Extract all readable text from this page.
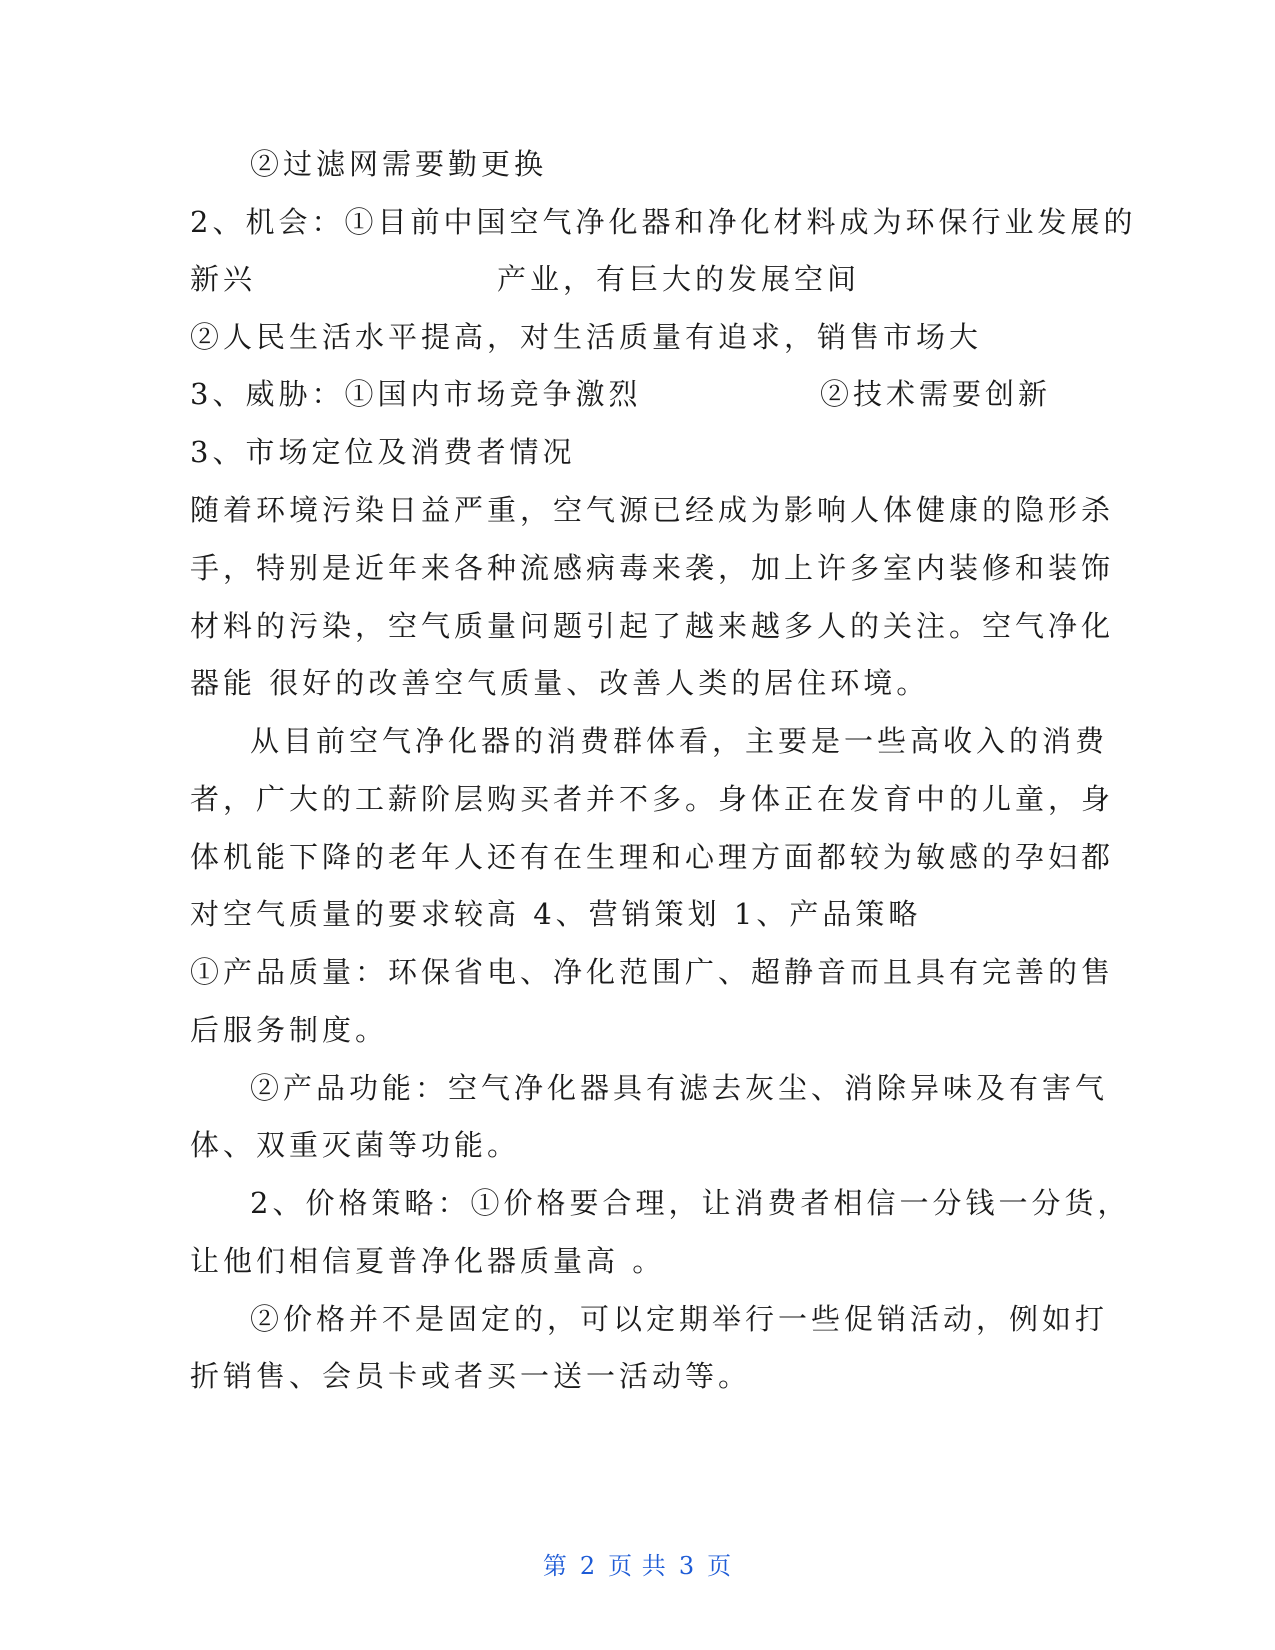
②过滤网需要勤更换
2、机会：①目前中国空气净化器和净化材料成为环保行业发展的
新兴	产业，有巨大的发展空间
②人民生活水平提高，对生活质量有追求，销售市场大
3、威胁：①国内市场竞争激烈	②技术需要创新
3、市场定位及消费者情况
随着环境污染日益严重，空气源已经成为影响人体健康的隐形杀
手，特别是近年来各种流感病毒来袭，加上许多室内装修和装饰
材料的污染，空气质量问题引起了越来越多人的关注。空气净化
器能 很好的改善空气质量、改善人类的居住环境。
从目前空气净化器的消费群体看，主要是一些高收入的消费
者，广大的工薪阶层购买者并不多。身体正在发育中的儿童，身
体机能下降的老年人还有在生理和心理方面都较为敏感的孕妇都
对空气质量的要求较高 4、营销策划 1、产品策略
①产品质量：环保省电、净化范围广、超静音而且具有完善的售
后服务制度。
②产品功能：空气净化器具有滤去灰尘、消除异味及有害气
体、双重灭菌等功能。
2、价格策略：①价格要合理，让消费者相信一分钱一分货，
让他们相信夏普净化器质量高 。
②价格并不是固定的，可以定期举行一些促销活动，例如打
折销售、会员卡或者买一送一活动等。
第 2 页 共 3 页
